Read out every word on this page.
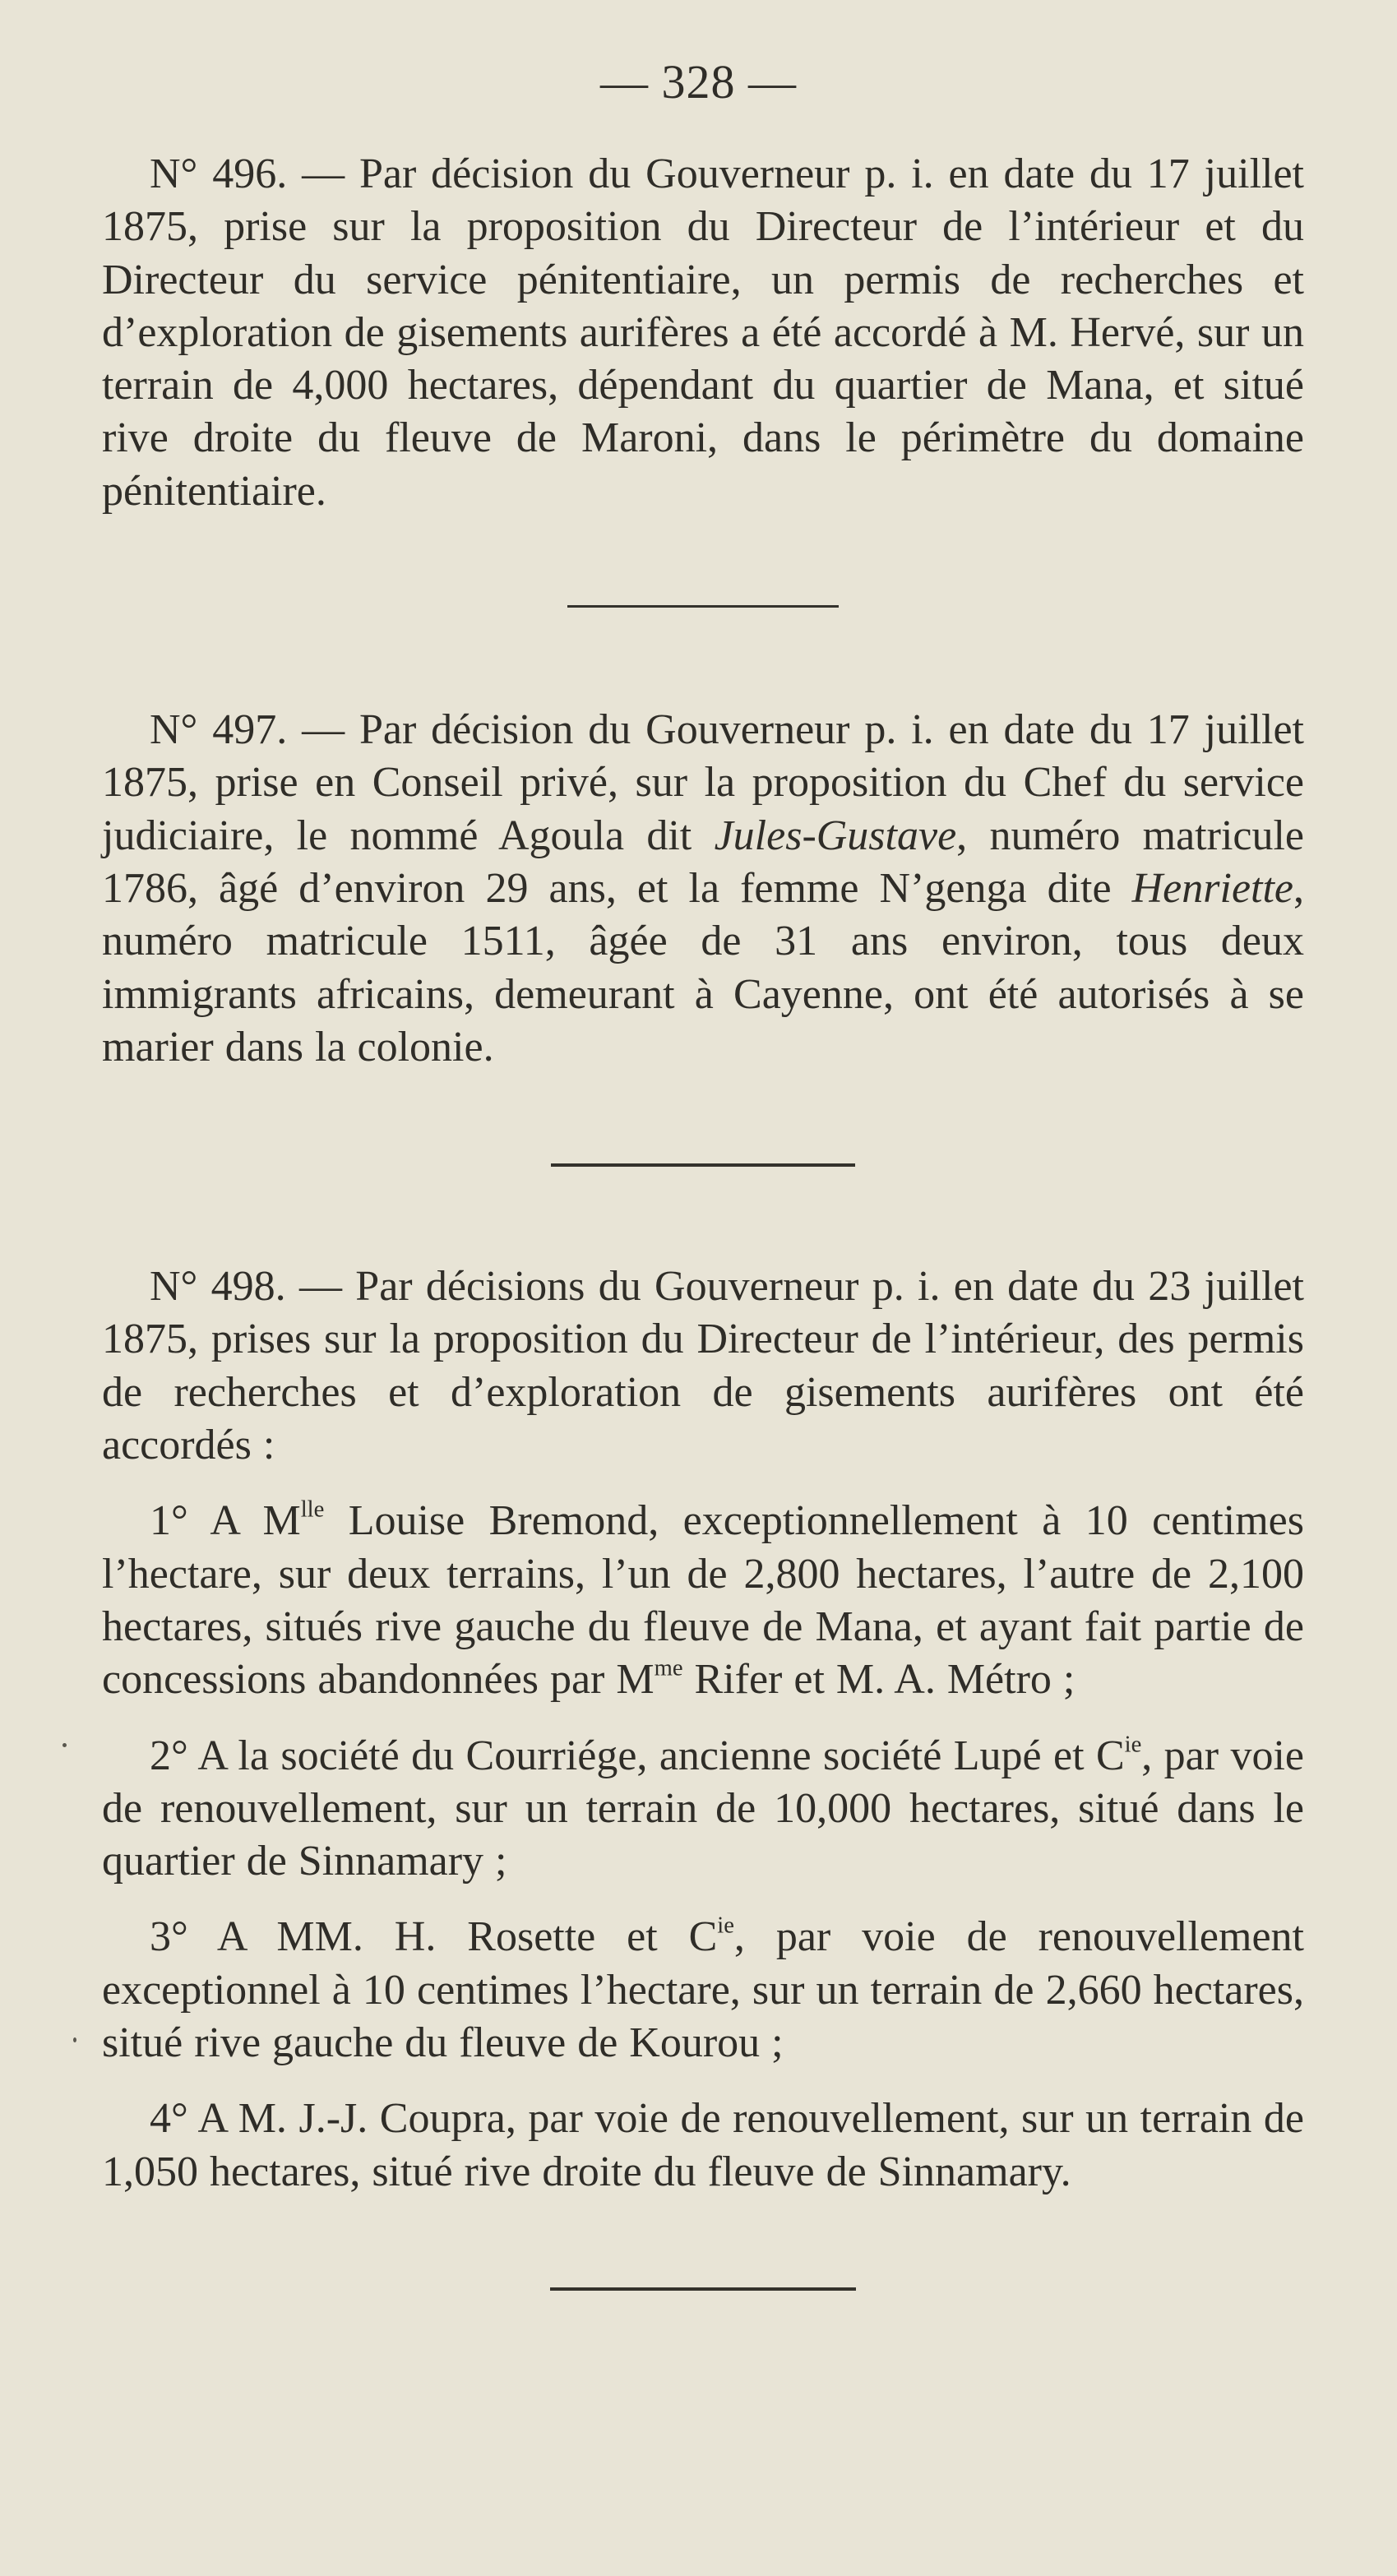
— 328 —

N° 496. — Par décision du Gouverneur p. i. en date du 17 juillet 1875, prise sur la proposition du Directeur de l’intérieur et du Directeur du service pénitentiaire, un permis de recherches et d’exploration de gisements aurifères a été accordé à M. Hervé, sur un terrain de 4,000 hectares, dépendant du quartier de Mana, et situé rive droite du fleuve de Maroni, dans le périmètre du domaine pénitentiaire.

N° 497. — Par décision du Gouverneur p. i. en date du 17 juillet 1875, prise en Conseil privé, sur la proposition du Chef du service judiciaire, le nommé Agoula dit Jules-Gustave, numéro matricule 1786, âgé d’environ 29 ans, et la femme N’genga dite Henriette, numéro matricule 1511, âgée de 31 ans environ, tous deux immigrants africains, demeurant à Cayenne, ont été autorisés à se marier dans la colonie.

N° 498. — Par décisions du Gouverneur p. i. en date du 23 juillet 1875, prises sur la proposition du Directeur de l’intérieur, des permis de recherches et d’exploration de gisements aurifères ont été accordés :

1° A $M^{lle}$ Louise Bremond, exceptionnellement à 10 centimes l’hectare, sur deux terrains, l’un de 2,800 hectares, l’autre de 2,100 hectares, situés rive gauche du fleuve de Mana, et ayant fait partie de concessions abandonnées par $M^{me}$ Rifer et M. A. Métro ;

2° A la société du Courriége, ancienne société Lupé et $C^{ie}$, par voie de renouvellement, sur un terrain de 10,000 hectares, situé dans le quartier de Sinnamary ;

3° A MM. H. Rosette et $C^{ie}$, par voie de renouvellement exceptionnel à 10 centimes l’hectare, sur un terrain de 2,660 hectares, situé rive gauche du fleuve de Kourou ;

4° A M. J.-J. Coupra, par voie de renouvellement, sur un terrain de 1,050 hectares, situé rive droite du fleuve de Sinnamary.
